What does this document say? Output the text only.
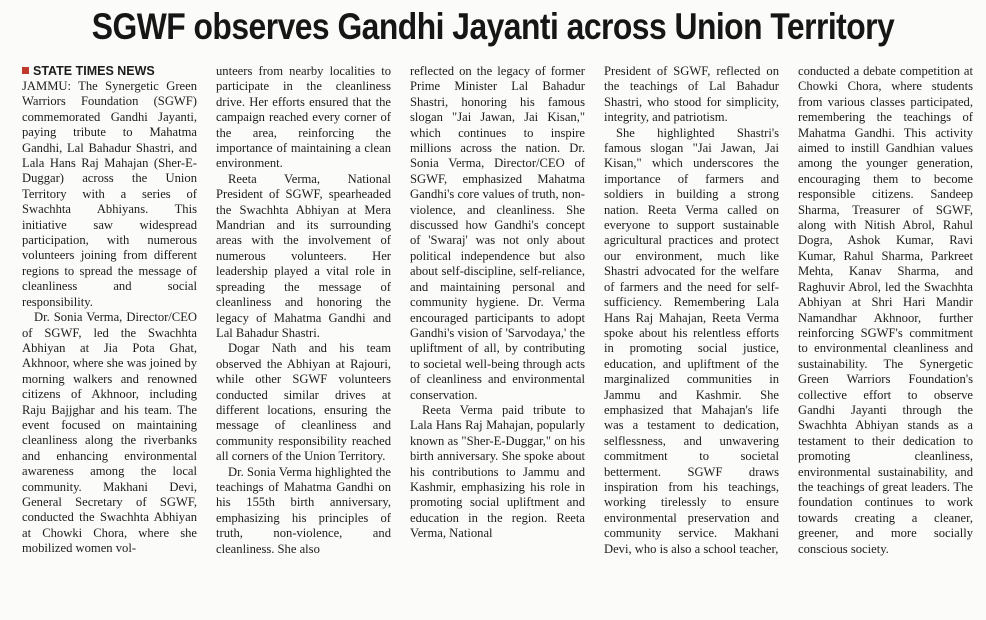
SGWF observes Gandhi Jayanti across Union Territory
STATE TIMES NEWS

JAMMU: The Synergetic Green Warriors Foundation (SGWF) commemorated Gandhi Jayanti, paying tribute to Mahatma Gandhi, Lal Bahadur Shastri, and Lala Hans Raj Mahajan (Sher-E-Duggar) across the Union Territory with a series of Swachhta Abhiyans. This initiative saw widespread participation, with numerous volunteers joining from different regions to spread the message of cleanliness and social responsibility.

Dr. Sonia Verma, Director/CEO of SGWF, led the Swachhta Abhiyan at Jia Pota Ghat, Akhnoor, where she was joined by morning walkers and renowned citizens of Akhnoor, including Raju Bajjghar and his team. The event focused on maintaining cleanliness along the riverbanks and enhancing environmental awareness among the local community. Makhani Devi, General Secretary of SGWF, conducted the Swachhta Abhiyan at Chowki Chora, where she mobilized women vol-

unteers from nearby localities to participate in the cleanliness drive. Her efforts ensured that the campaign reached every corner of the area, reinforcing the importance of maintaining a clean environment.

Reeta Verma, National President of SGWF, spearheaded the Swachhta Abhiyan at Mera Mandrian and its surrounding areas with the involvement of numerous volunteers. Her leadership played a vital role in spreading the message of cleanliness and honoring the legacy of Mahatma Gandhi and Lal Bahadur Shastri.

Dogar Nath and his team observed the Abhiyan at Rajouri, while other SGWF volunteers conducted similar drives at different locations, ensuring the message of cleanliness and community responsibility reached all corners of the Union Territory.

Dr. Sonia Verma highlighted the teachings of Mahatma Gandhi on his 155th birth anniversary, emphasizing his principles of truth, non-violence, and cleanliness. She also

reflected on the legacy of former Prime Minister Lal Bahadur Shastri, honoring his famous slogan "Jai Jawan, Jai Kisan," which continues to inspire millions across the nation. Dr. Sonia Verma, Director/CEO of SGWF, emphasized Mahatma Gandhi's core values of truth, non-violence, and cleanliness. She discussed how Gandhi's concept of 'Swaraj' was not only about political independence but also about self-discipline, self-reliance, and maintaining personal and community hygiene. Dr. Verma encouraged participants to adopt Gandhi's vision of 'Sarvodaya,' the upliftment of all, by contributing to societal well-being through acts of cleanliness and environmental conservation.

Reeta Verma paid tribute to Lala Hans Raj Mahajan, popularly known as "Sher-E-Duggar," on his birth anniversary. She spoke about his contributions to Jammu and Kashmir, emphasizing his role in promoting social upliftment and education in the region. Reeta Verma, National

President of SGWF, reflected on the teachings of Lal Bahadur Shastri, who stood for simplicity, integrity, and patriotism.

She highlighted Shastri's famous slogan "Jai Jawan, Jai Kisan," which underscores the importance of farmers and soldiers in building a strong nation. Reeta Verma called on everyone to support sustainable agricultural practices and protect our environment, much like Shastri advocated for the welfare of farmers and the need for self-sufficiency. Remembering Lala Hans Raj Mahajan, Reeta Verma spoke about his relentless efforts in promoting social justice, education, and upliftment of the marginalized communities in Jammu and Kashmir. She emphasized that Mahajan's life was a testament to dedication, selflessness, and unwavering commitment to societal betterment. SGWF draws inspiration from his teachings, working tirelessly to ensure environmental preservation and community service. Makhani Devi, who is also a school teacher,

conducted a debate competition at Chowki Chora, where students from various classes participated, remembering the teachings of Mahatma Gandhi. This activity aimed to instill Gandhian values among the younger generation, encouraging them to become responsible citizens. Sandeep Sharma, Treasurer of SGWF, along with Nitish Abrol, Rahul Dogra, Ashok Kumar, Ravi Kumar, Rahul Sharma, Parkreet Mehta, Kanav Sharma, and Raghuvir Abrol, led the Swachhta Abhiyan at Shri Hari Mandir Namandhar Akhnoor, further reinforcing SGWF's commitment to environmental cleanliness and sustainability. The Synergetic Green Warriors Foundation's collective effort to observe Gandhi Jayanti through the Swachhta Abhiyan stands as a testament to their dedication to promoting cleanliness, environmental sustainability, and the teachings of great leaders. The foundation continues to work towards creating a cleaner, greener, and more socially conscious society.
